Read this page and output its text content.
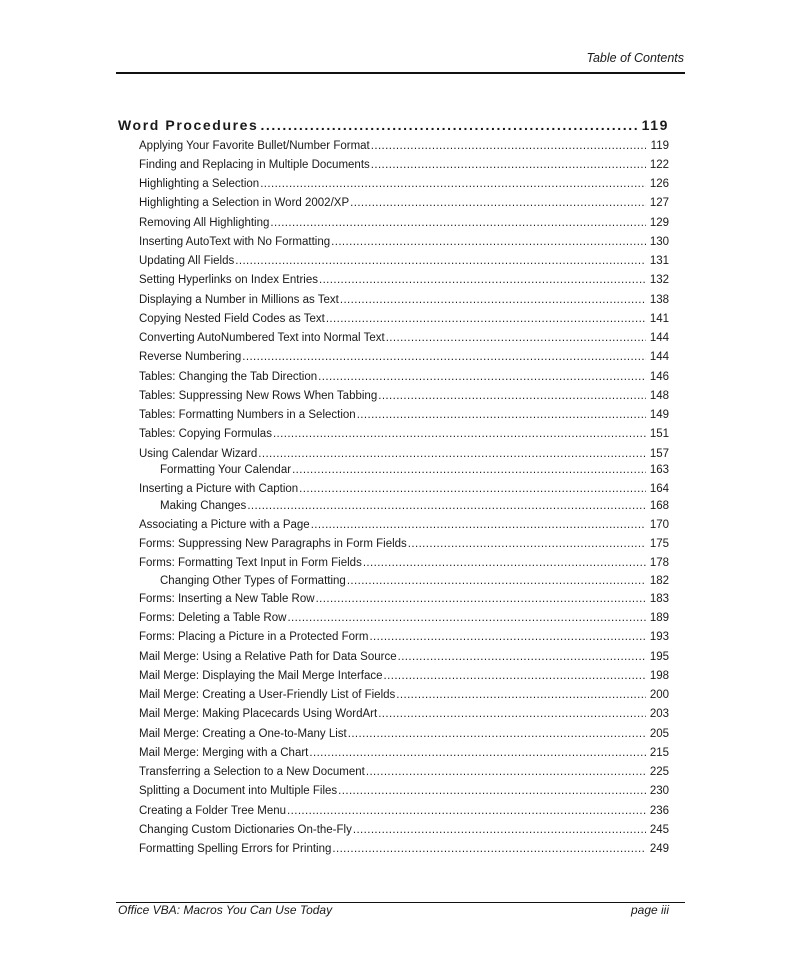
Table of Contents
Word Procedures .....	119
Applying Your Favorite Bullet/Number Format .....	119
Finding and Replacing in Multiple Documents .....	122
Highlighting a Selection .....	126
Highlighting a Selection in Word 2002/XP .....	127
Removing All Highlighting .....	129
Inserting AutoText with No Formatting .....	130
Updating All Fields .....	131
Setting Hyperlinks on Index Entries .....	132
Displaying a Number in Millions as Text .....	138
Copying Nested Field Codes as Text .....	141
Converting AutoNumbered Text into Normal Text .....	144
Reverse Numbering .....	144
Tables: Changing the Tab Direction .....	146
Tables: Suppressing New Rows When Tabbing .....	148
Tables: Formatting Numbers in a Selection .....	149
Tables: Copying Formulas .....	151
Using Calendar Wizard .....	157
Formatting Your Calendar .....	163
Inserting a Picture with Caption .....	164
Making Changes .....	168
Associating a Picture with a Page .....	170
Forms: Suppressing New Paragraphs in Form Fields .....	175
Forms: Formatting Text Input in Form Fields .....	178
Changing Other Types of Formatting .....	182
Forms: Inserting a New Table Row .....	183
Forms: Deleting a Table Row .....	189
Forms: Placing a Picture in a Protected Form .....	193
Mail Merge: Using a Relative Path for Data Source .....	195
Mail Merge: Displaying the Mail Merge Interface .....	198
Mail Merge: Creating a User-Friendly List of Fields .....	200
Mail Merge: Making Placecards Using WordArt .....	203
Mail Merge: Creating a One-to-Many List .....	205
Mail Merge: Merging with a Chart .....	215
Transferring a Selection to a New Document .....	225
Splitting a Document into Multiple Files .....	230
Creating a Folder Tree Menu .....	236
Changing Custom Dictionaries On-the-Fly .....	245
Formatting Spelling Errors for Printing .....	249
Office VBA: Macros You Can Use Today	page iii
